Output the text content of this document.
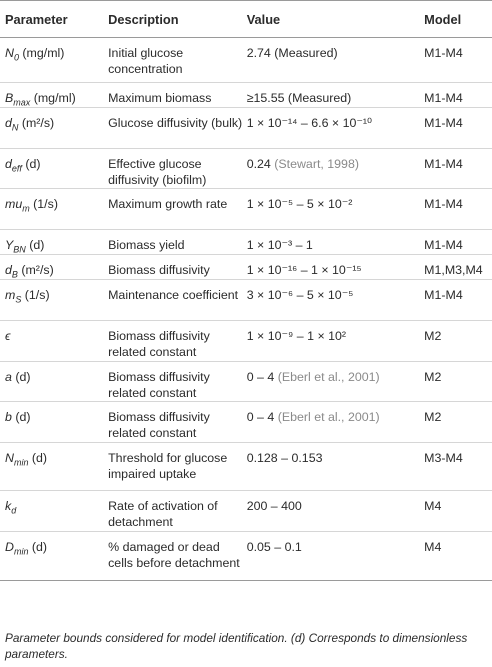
Parameter	Description	Value	Model
$N_0$ (mg/ml)	Initial glucose concentration	2.74 (Measured)	M1-M4
$B_{max}$ (mg/ml)	Maximum biomass	≥15.55 (Measured)	M1-M4
$d_N$ (m²/s)	Glucose diffusivity (bulk)	1 × 10⁻¹⁴ – 6.6 × 10⁻¹⁰	M1-M4
$d_{eff}$ (d)	Effective glucose diffusivity (biofilm)	0.24 (Stewart, 1998)	M1-M4
$mu_m$ (1/s)	Maximum growth rate	1 × 10⁻⁵ – 5 × 10⁻²	M1-M4
$Y_{BN}$ (d)	Biomass yield	1 × 10⁻³ – 1	M1-M4
$d_B$ (m²/s)	Biomass diffusivity	1 × 10⁻¹⁶ – 1 × 10⁻¹⁵	M1,M3,M4
$m_S$ (1/s)	Maintenance coefficient	3 × 10⁻⁶ – 5 × 10⁻⁵	M1-M4
ϵ	Biomass diffusivity related constant	1 × 10⁻⁹ – 1 × 10²	M2
a (d)	Biomass diffusivity related constant	0 – 4 (Eberl et al., 2001)	M2
b (d)	Biomass diffusivity related constant	0 – 4 (Eberl et al., 2001)	M2
$N_{min}$ (d)	Threshold for glucose impaired uptake	0.128 – 0.153	M3-M4
$k_d$	Rate of activation of detachment	200 – 400	M4
$D_{min}$ (d)	% damaged or dead cells before detachment	0.05 – 0.1	M4
Parameter bounds considered for model identification. (d) Corresponds to dimensionless parameters.
